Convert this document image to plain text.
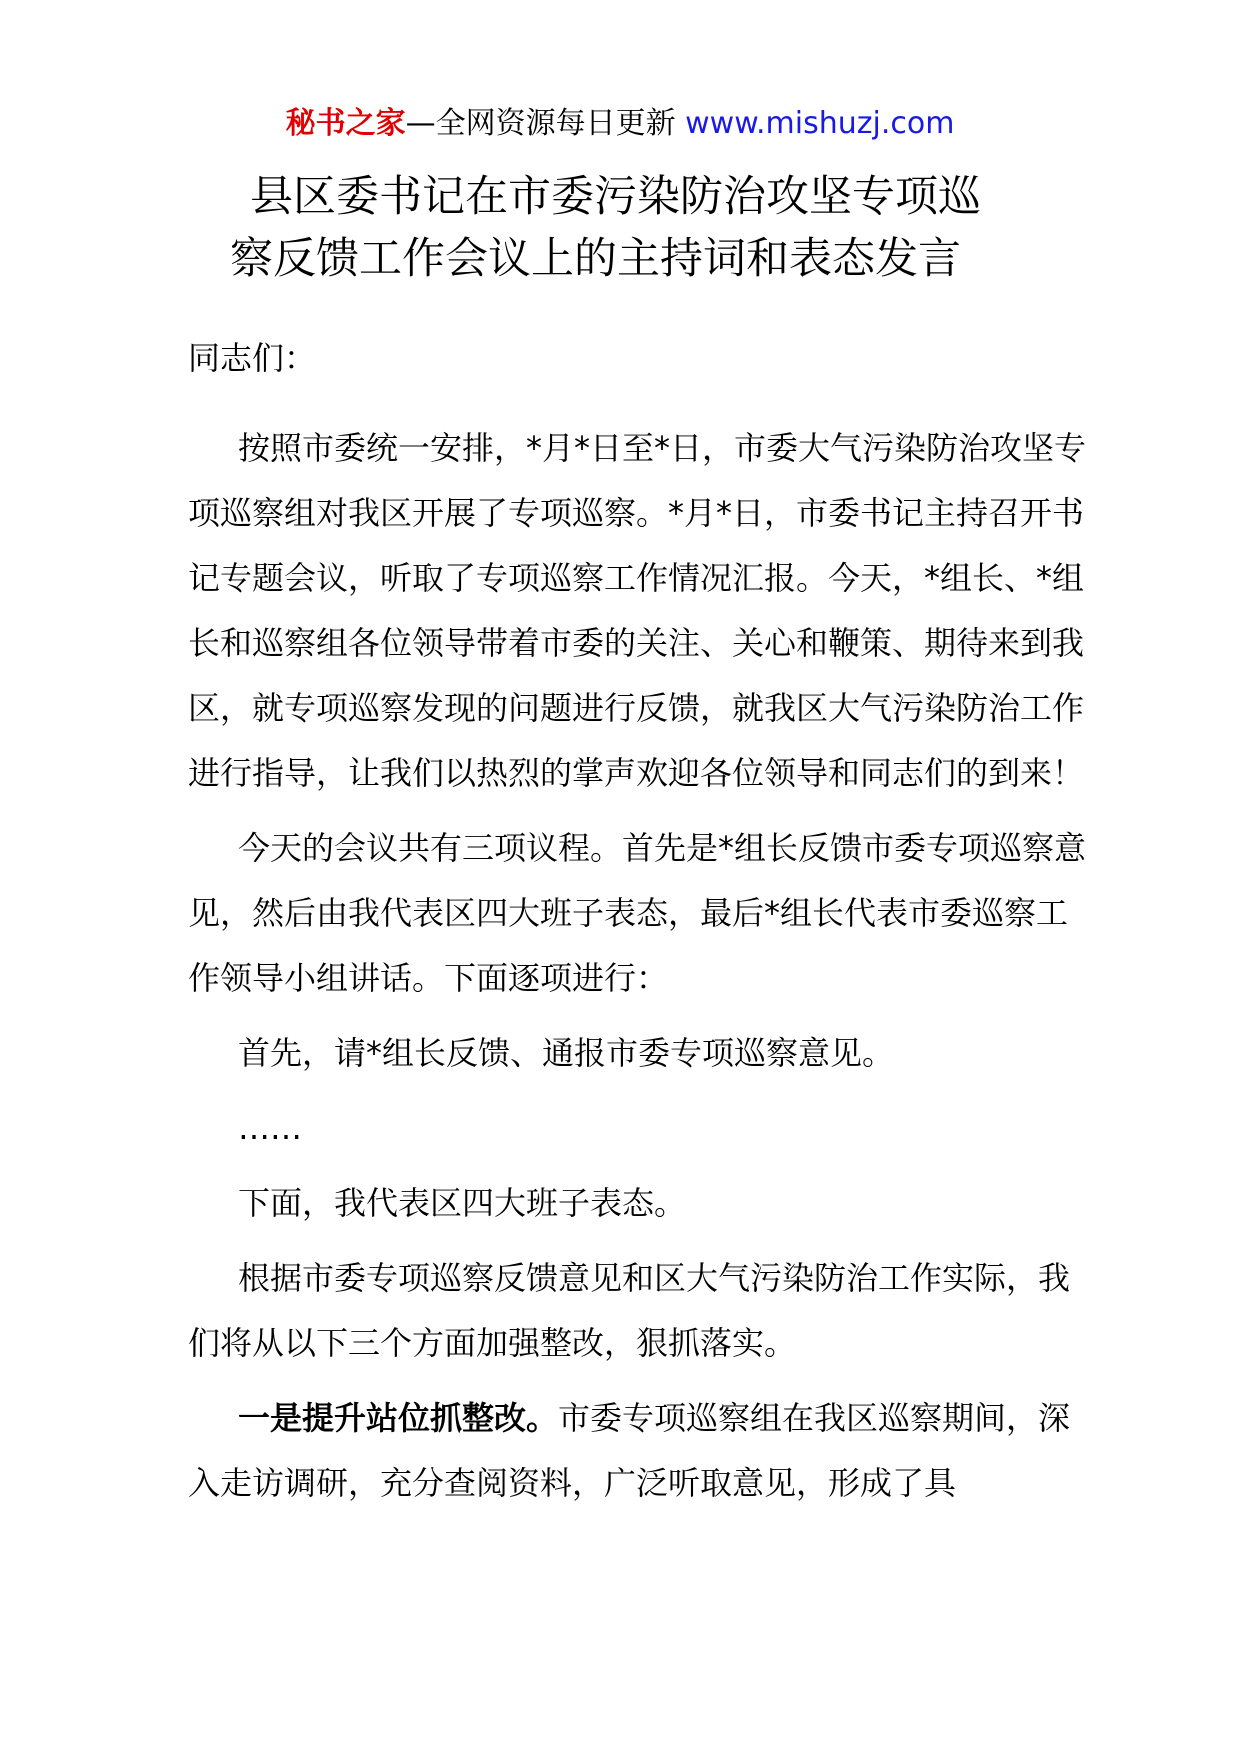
秘书之家—全网资源每日更新 www.mishuzj.com
县区委书记在市委污染防治攻坚专项巡
察反馈工作会议上的主持词和表态发言

同志们：

按照市委统一安排，*月*日至*日，市委大气污染防治攻坚专项巡察组对我区开展了专项巡察。*月*日，市委书记主持召开书记专题会议，听取了专项巡察工作情况汇报。今天，*组长、*组长和巡察组各位领导带着市委的关注、关心和鞭策、期待来到我区，就专项巡察发现的问题进行反馈，就我区大气污染防治工作进行指导，让我们以热烈的掌声欢迎各位领导和同志们的到来！

今天的会议共有三项议程。首先是*组长反馈市委专项巡察意见，然后由我代表区四大班子表态，最后*组长代表市委巡察工作领导小组讲话。下面逐项进行：

首先，请*组长反馈、通报市委专项巡察意见。

……

下面，我代表区四大班子表态。

根据市委专项巡察反馈意见和区大气污染防治工作实际，我们将从以下三个方面加强整改，狠抓落实。

一是提升站位抓整改。市委专项巡察组在我区巡察期间，深入走访调研，充分查阅资料，广泛听取意见，形成了具
